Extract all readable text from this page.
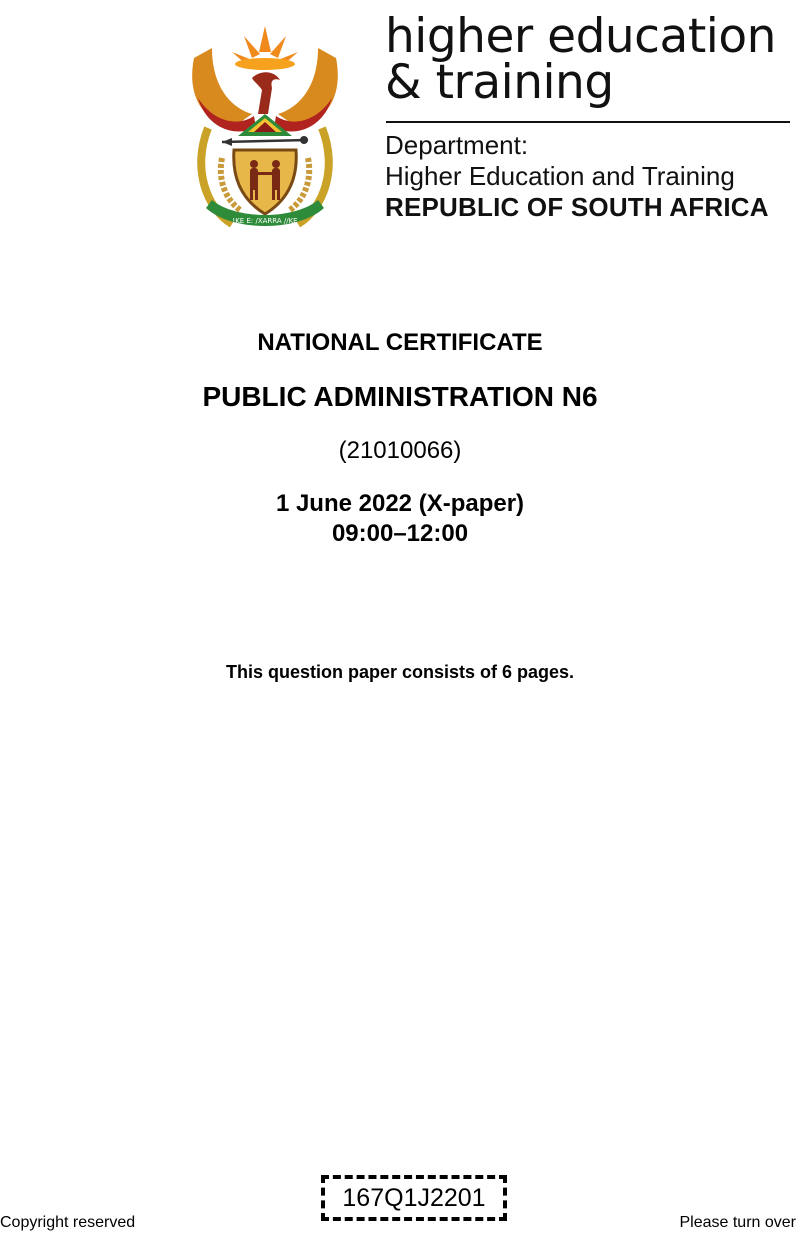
!KE E: /XARRA //KE
higher education
& training
Department:
Higher Education and Training
REPUBLIC OF SOUTH AFRICA
NATIONAL CERTIFICATE
PUBLIC ADMINISTRATION N6
(21010066)
1 June 2022 (X-paper)
09:00–12:00
This question paper consists of 6 pages.
Copyright reserved
167Q1J2201
Please turn over
